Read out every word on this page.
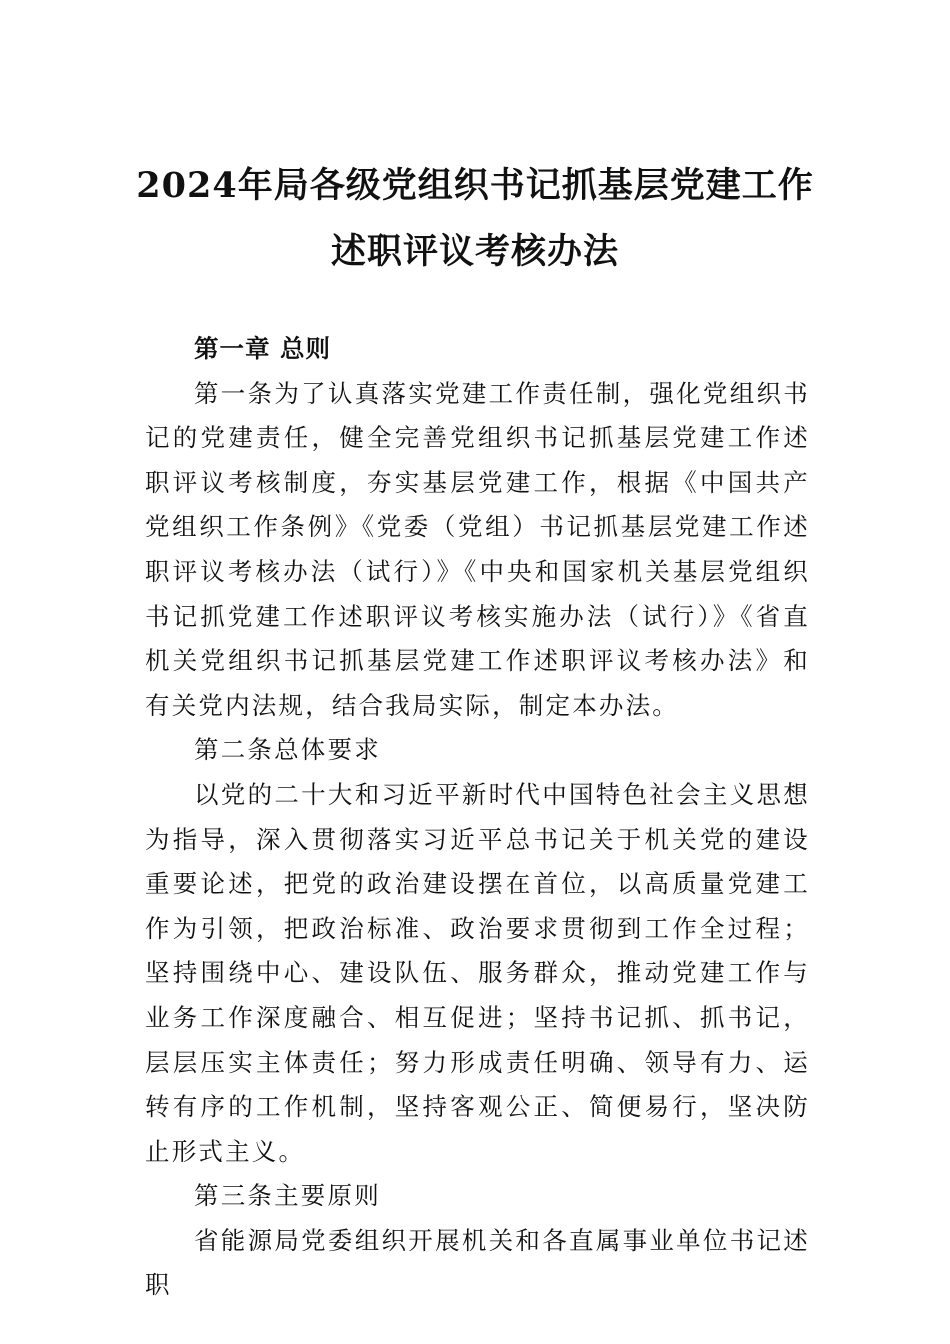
2024年局各级党组织书记抓基层党建工作
述职评议考核办法

第一章 总则

第一条为了认真落实党建工作责任制，强化党组织书记的党建责任，健全完善党组织书记抓基层党建工作述职评议考核制度，夯实基层党建工作，根据《中国共产党组织工作条例》《党委（党组）书记抓基层党建工作述职评议考核办法（试行）》《中央和国家机关基层党组织书记抓党建工作述职评议考核实施办法（试行）》《省直机关党组织书记抓基层党建工作述职评议考核办法》和有关党内法规，结合我局实际，制定本办法。

第二条总体要求

以党的二十大和习近平新时代中国特色社会主义思想为指导，深入贯彻落实习近平总书记关于机关党的建设重要论述，把党的政治建设摆在首位，以高质量党建工作为引领，把政治标准、政治要求贯彻到工作全过程；坚持围绕中心、建设队伍、服务群众，推动党建工作与业务工作深度融合、相互促进；坚持书记抓、抓书记，层层压实主体责任；努力形成责任明确、领导有力、运转有序的工作机制，坚持客观公正、简便易行，坚决防止形式主义。

第三条主要原则

省能源局党委组织开展机关和各直属事业单位书记述职
